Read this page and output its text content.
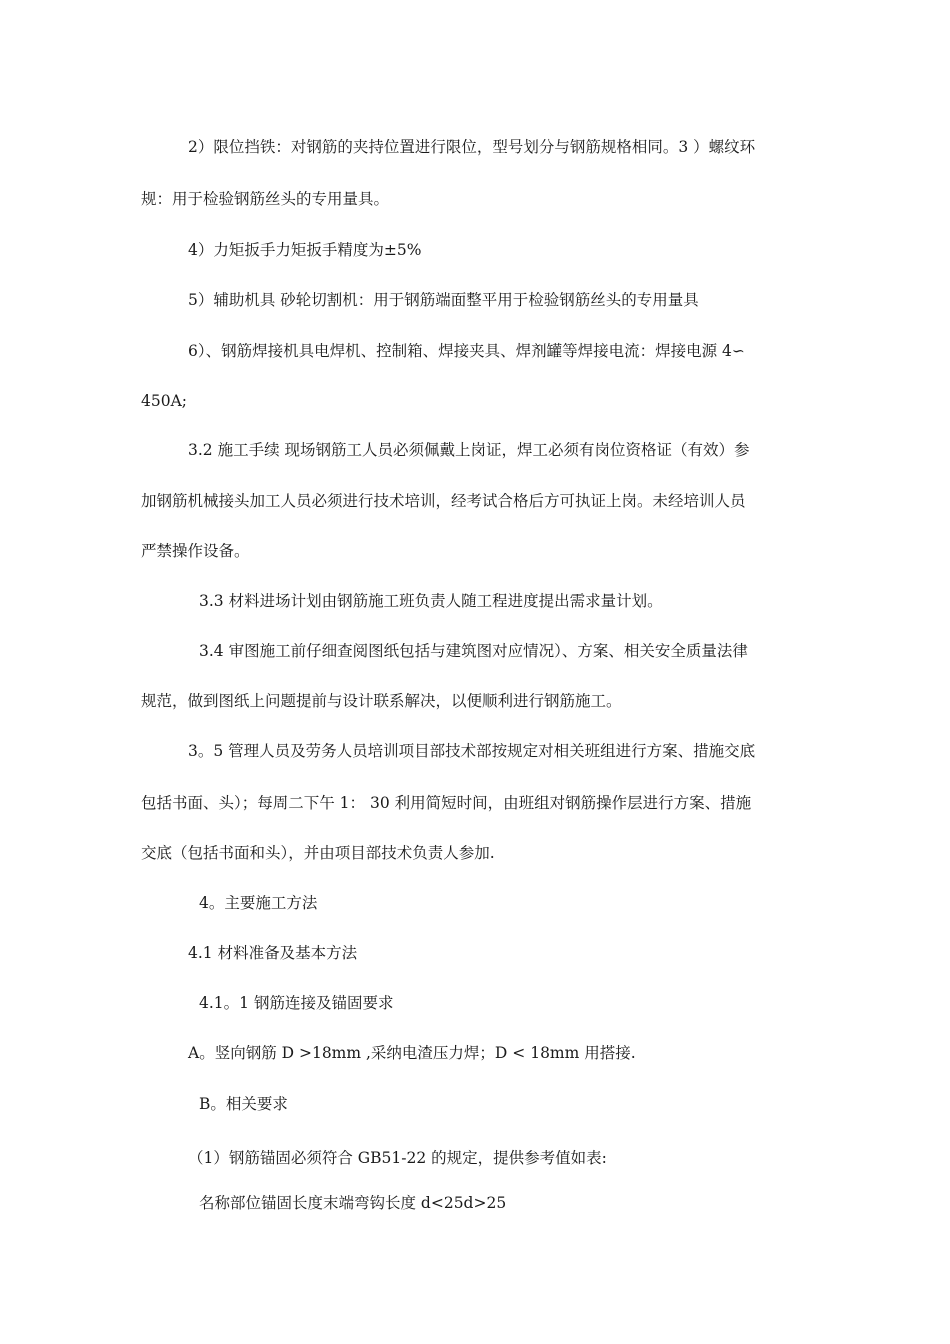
2）限位挡铁：对钢筋的夹持位置进行限位，型号划分与钢筋规格相同。3 ）螺纹环

规：用于检验钢筋丝头的专用量具。

4）力矩扳手力矩扳手精度为±5%

5）辅助机具 砂轮切割机：用于钢筋端面整平用于检验钢筋丝头的专用量具

6）、钢筋焊接机具电焊机、控制箱、焊接夹具、焊剂罐等焊接电流：焊接电源 4∽

450A;

3.2 施工手续 现场钢筋工人员必须佩戴上岗证，焊工必须有岗位资格证（有效）参

加钢筋机械接头加工人员必须进行技术培训，经考试合格后方可执证上岗。未经培训人员

严禁操作设备。

3.3 材料进场计划由钢筋施工班负责人随工程进度提出需求量计划。

3.4 审图施工前仔细查阅图纸包括与建筑图对应情况）、方案、相关安全质量法律

规范，做到图纸上问题提前与设计联系解决，以便顺利进行钢筋施工。

3。5 管理人员及劳务人员培训项目部技术部按规定对相关班组进行方案、措施交底

包括书面、头）；每周二下午 1： 30 利用简短时间，由班组对钢筋操作层进行方案、措施

交底（包括书面和头），并由项目部技术负责人参加.

4。主要施工方法

4.1 材料准备及基本方法

4.1。1 钢筋连接及锚固要求

A。竖向钢筋 D >18mm ,采纳电渣压力焊；D < 18mm 用搭接.

B。相关要求

（1）钢筋锚固必须符合 GB51-22 的规定，提供参考值如表:

名称部位锚固长度末端弯钩长度 d<25d>25
